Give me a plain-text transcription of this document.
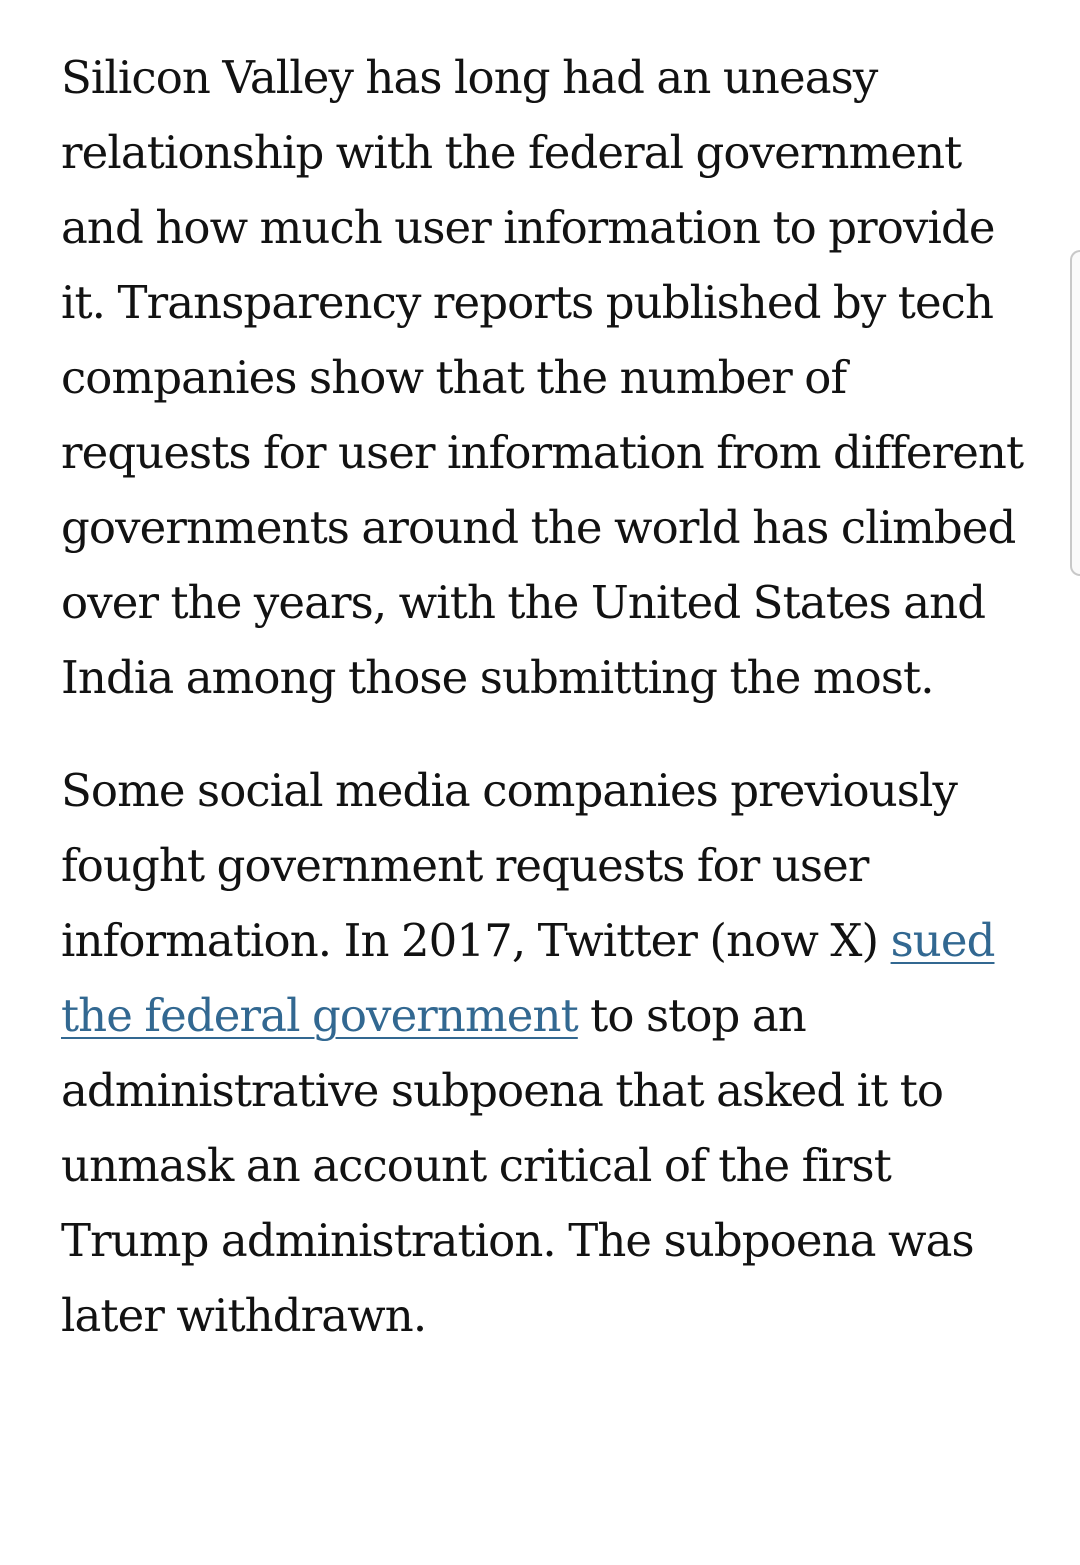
Silicon Valley has long had an uneasy relationship with the federal government and how much user information to provide it. Transparency reports published by tech companies show that the number of requests for user information from different governments around the world has climbed over the years, with the United States and India among those submitting the most.

Some social media companies previously fought government requests for user information. In 2017, Twitter (now X) sued the federal government to stop an administrative subpoena that asked it to unmask an account critical of the first Trump administration. The subpoena was later withdrawn.
